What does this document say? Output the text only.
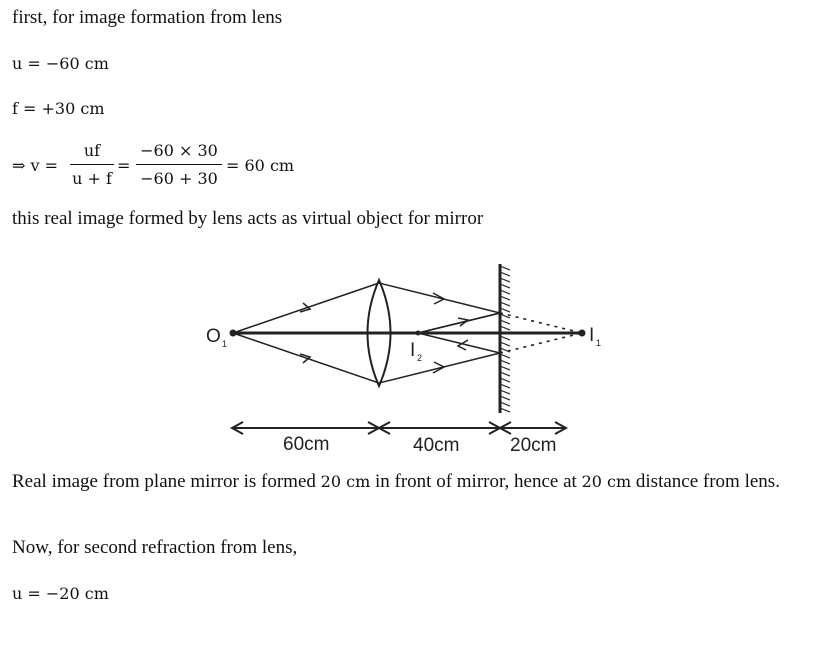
first, for image formation from lens
u = −60 cm
f = +30 cm
⇒ v =
uf
u + f
=
−60 × 30
−60 + 30
= 60 cm
this real image formed by lens acts as virtual object for mirror
O 1	I 2
I 1
60cm	40cm	20cm
Real image from plane mirror is formed 20 cm in front of mirror, hence at 20 cm distance from lens.
Now, for second refraction from lens,
u = −20 cm
